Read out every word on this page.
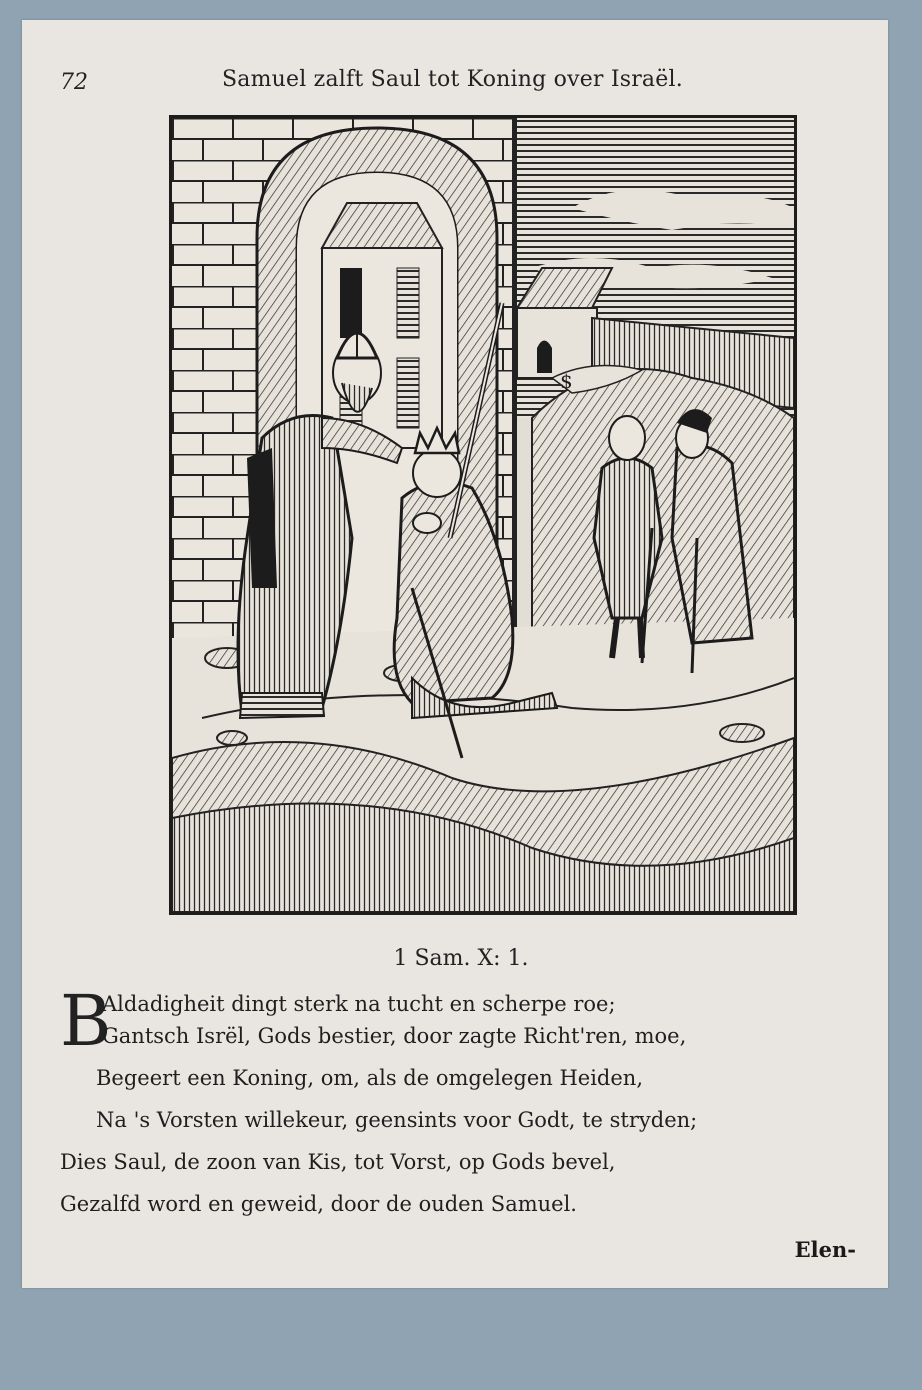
72	Samuel zalft Saul tot Koning over Israël.
$
1 Sam. X: 1.
B
Aldadigheit dingt sterk na tucht en scherpe roe;
Gantsch Isrël, Gods bestier, door zagte Richt'ren, moe,
Begeert een Koning, om, als de omgelegen Heiden,
Na 's Vorsten willekeur, geensints voor Godt, te stryden;
Dies Saul, de zoon van Kis, tot Vorst, op Gods bevel,
Gezalfd word en geweid, door de ouden Samuel.
Elen-
